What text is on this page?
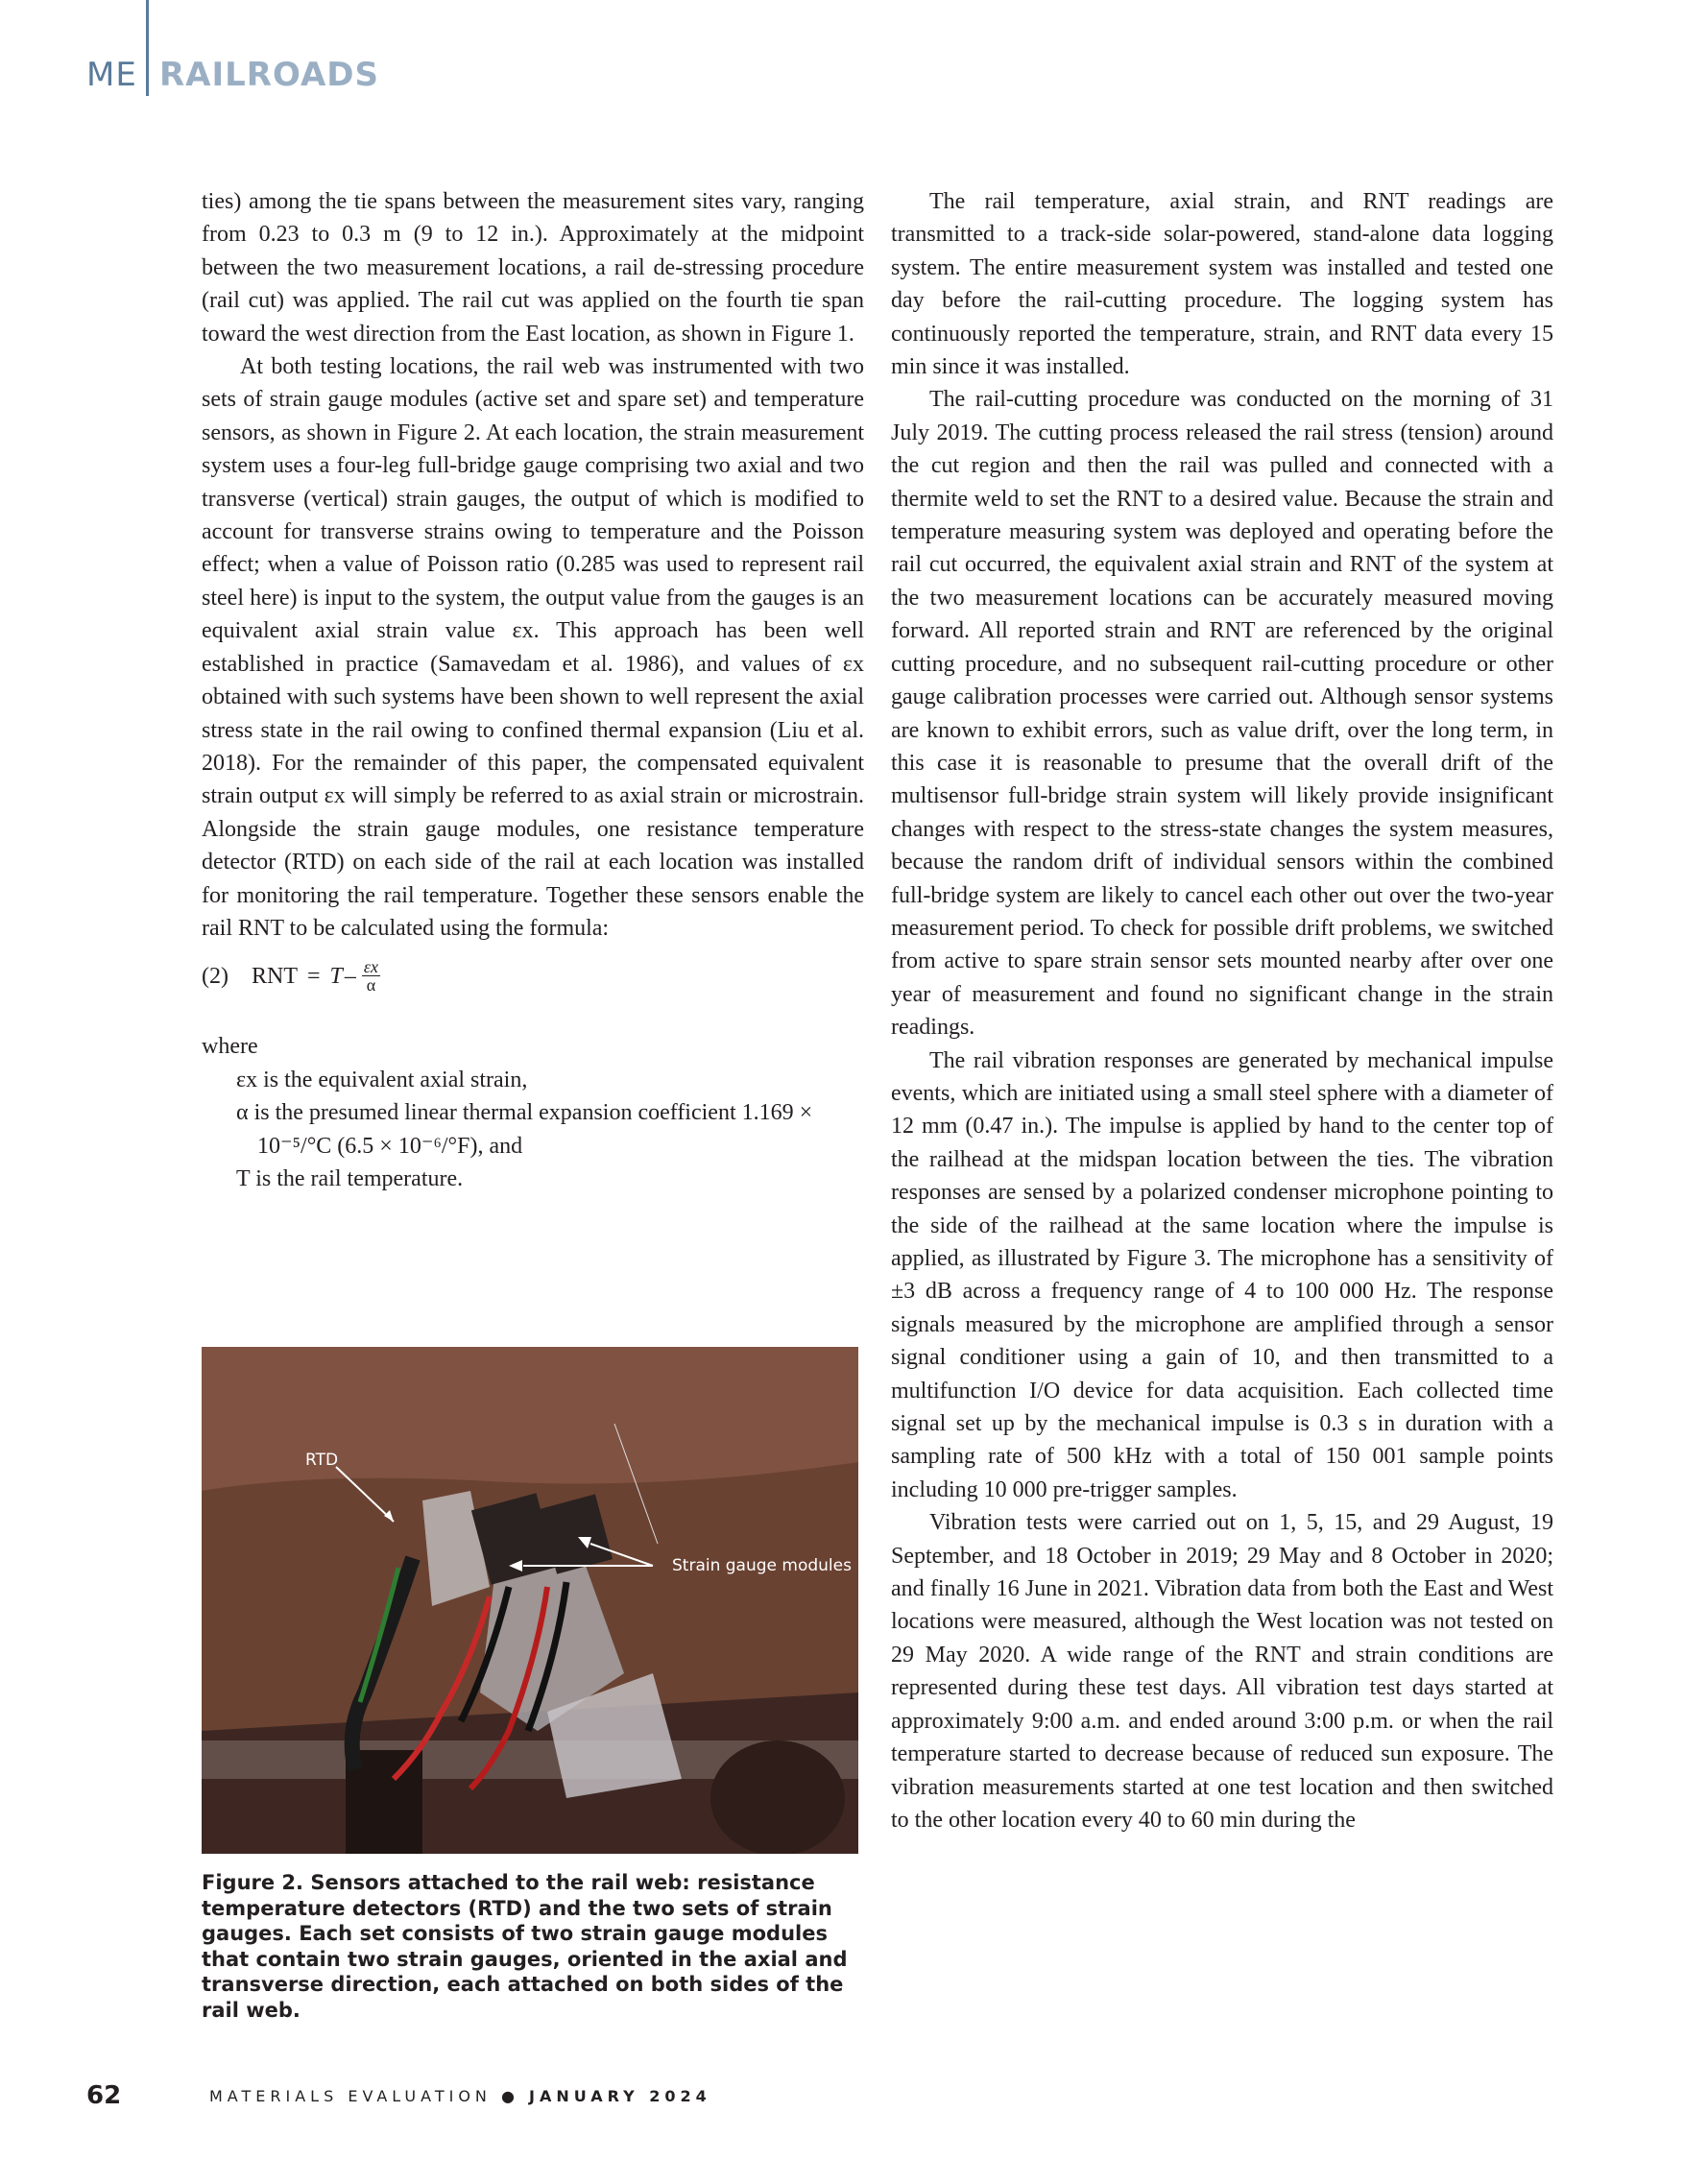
ME RAILROADS

ties) among the tie spans between the measurement sites vary, ranging from 0.23 to 0.3 m (9 to 12 in.). Approximately at the midpoint between the two measurement locations, a rail de-stressing procedure (rail cut) was applied. The rail cut was applied on the fourth tie span toward the west direction from the East location, as shown in Figure 1.

At both testing locations, the rail web was instrumented with two sets of strain gauge modules (active set and spare set) and temperature sensors, as shown in Figure 2. At each location, the strain measurement system uses a four-leg full-bridge gauge comprising two axial and two transverse (vertical) strain gauges, the output of which is modified to account for transverse strains owing to temperature and the Poisson effect; when a value of Poisson ratio (0.285 was used to represent rail steel here) is input to the system, the output value from the gauges is an equivalent axial strain value εx. This approach has been well established in practice (Samavedam et al. 1986), and values of εx obtained with such systems have been shown to well represent the axial stress state in the rail owing to confined thermal expansion (Liu et al. 2018). For the remainder of this paper, the compensated equivalent strain output εx will simply be referred to as axial strain or microstrain. Alongside the strain gauge modules, one resistance temperature detector (RTD) on each side of the rail at each location was installed for monitoring the rail temperature. Together these sensors enable the rail RNT to be calculated using the formula:

(2)	RNT = T – $\frac{\varepsilon x}{\alpha}$

where

εx is the equivalent axial strain,
α is the presumed linear thermal expansion coefficient 1.169 × 10⁻⁵/°C (6.5 × 10⁻⁶/°F), and
T is the rail temperature.
RTD
Strain gauge modules
Figure 2. Sensors attached to the rail web: resistance temperature detectors (RTD) and the two sets of strain gauges. Each set consists of two strain gauge modules that contain two strain gauges, oriented in the axial and transverse direction, each attached on both sides of the rail web.

The rail temperature, axial strain, and RNT readings are transmitted to a track-side solar-powered, stand-alone data logging system. The entire measurement system was installed and tested one day before the rail-cutting procedure. The logging system has continuously reported the temperature, strain, and RNT data every 15 min since it was installed.

The rail-cutting procedure was conducted on the morning of 31 July 2019. The cutting process released the rail stress (tension) around the cut region and then the rail was pulled and connected with a thermite weld to set the RNT to a desired value. Because the strain and temperature measuring system was deployed and operating before the rail cut occurred, the equivalent axial strain and RNT of the system at the two measurement locations can be accurately measured moving forward. All reported strain and RNT are referenced by the original cutting procedure, and no subsequent rail-cutting procedure or other gauge calibration processes were carried out. Although sensor systems are known to exhibit errors, such as value drift, over the long term, in this case it is reasonable to presume that the overall drift of the multisensor full-bridge strain system will likely provide insignificant changes with respect to the stress-state changes the system measures, because the random drift of individual sensors within the combined full-bridge system are likely to cancel each other out over the two-year measurement period. To check for possible drift problems, we switched from active to spare strain sensor sets mounted nearby after over one year of measurement and found no significant change in the strain readings.

The rail vibration responses are generated by mechanical impulse events, which are initiated using a small steel sphere with a diameter of 12 mm (0.47 in.). The impulse is applied by hand to the center top of the railhead at the midspan location between the ties. The vibration responses are sensed by a polarized condenser microphone pointing to the side of the railhead at the same location where the impulse is applied, as illustrated by Figure 3. The microphone has a sensitivity of ±3 dB across a frequency range of 4 to 100 000 Hz. The response signals measured by the microphone are amplified through a sensor signal conditioner using a gain of 10, and then transmitted to a multifunction I/O device for data acquisition. Each collected time signal set up by the mechanical impulse is 0.3 s in duration with a sampling rate of 500 kHz with a total of 150 001 sample points including 10 000 pre-trigger samples.

Vibration tests were carried out on 1, 5, 15, and 29 August, 19 September, and 18 October in 2019; 29 May and 8 October in 2020; and finally 16 June in 2021. Vibration data from both the East and West locations were measured, although the West location was not tested on 29 May 2020. A wide range of the RNT and strain conditions are represented during these test days. All vibration test days started at approximately 9:00 a.m. and ended around 3:00 p.m. or when the rail temperature started to decrease because of reduced sun exposure. The vibration measurements started at one test location and then switched to the other location every 40 to 60 min during the

62	MATERIALS EVALUATION ● JANUARY 2024
